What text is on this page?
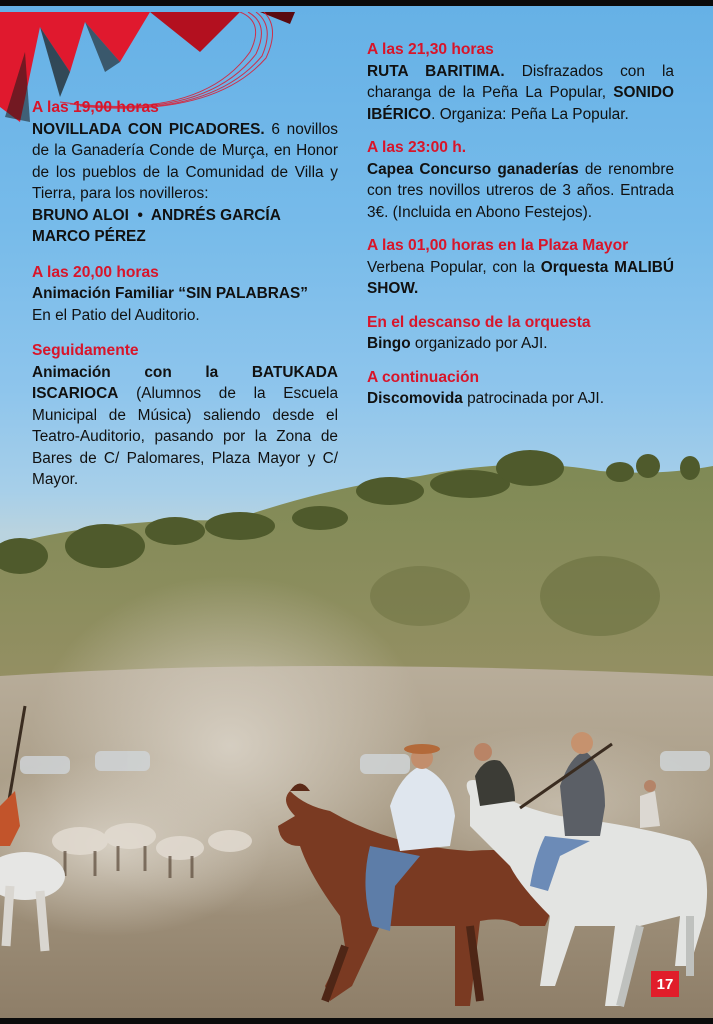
A las 19,00 horas
NOVILLADA CON PICADORES. 6 novillos de la Ganadería Conde de Murça, en Honor de los pueblos de la Comunidad de Villa y Tierra, para los novilleros:
BRUNO ALOI • ANDRÉS GARCÍA
MARCO PÉREZ
A las 20,00 horas
Animación Familiar “SIN PALABRAS”
En el Patio del Auditorio.
Seguidamente
Animación con la BATUKADA ISCARIOCA (Alumnos de la Escuela Municipal de Música) saliendo desde el Teatro-Auditorio, pasando por la Zona de Bares de C/ Palomares, Plaza Mayor y C/ Mayor.
A las 21,30 horas
RUTA BARITIMA. Disfrazados con la charanga de la Peña La Popular, SONIDO IBÉRICO. Organiza: Peña La Popular.
A las 23:00 h.
Capea Concurso ganaderías de renombre con tres novillos utreros de 3 años. Entrada 3€. (Incluida en Abono Festejos).
A las 01,00 horas en la Plaza Mayor
Verbena Popular, con la Orquesta MALIBÚ SHOW.
En el descanso de la orquesta
Bingo organizado por AJI.
A continuación
Discomovida patrocinada por AJI.
17
